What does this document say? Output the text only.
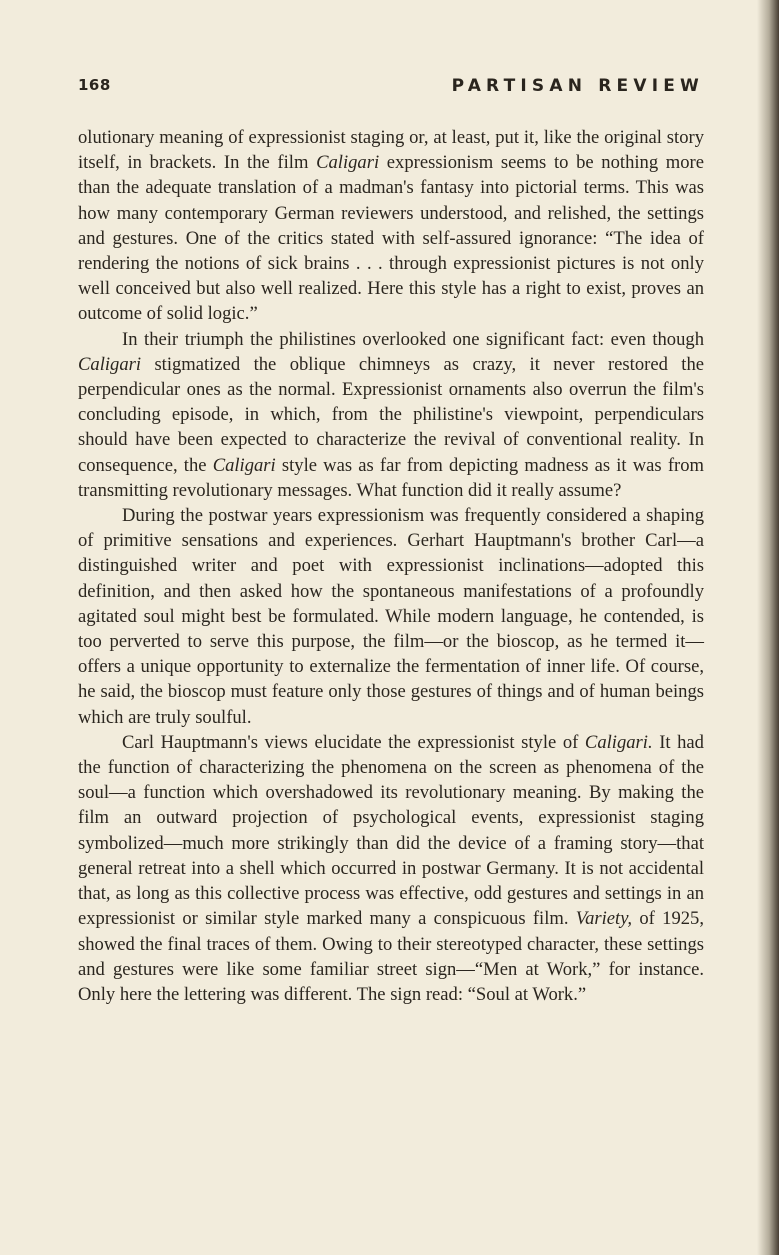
168	PARTISAN REVIEW

olutionary meaning of expressionist staging or, at least, put it, like the original story itself, in brackets. In the film Caligari expressionism seems to be nothing more than the adequate translation of a madman's fantasy into pictorial terms. This was how many contemporary German reviewers understood, and relished, the settings and gestures. One of the critics stated with self-assured ignorance: “The idea of rendering the notions of sick brains . . . through expressionist pictures is not only well conceived but also well realized. Here this style has a right to exist, proves an outcome of solid logic.”

In their triumph the philistines overlooked one significant fact: even though Caligari stigmatized the oblique chimneys as crazy, it never restored the perpendicular ones as the normal. Expressionist ornaments also overrun the film's concluding episode, in which, from the philistine's viewpoint, perpendiculars should have been expected to characterize the revival of conventional reality. In consequence, the Caligari style was as far from depicting madness as it was from transmitting revolutionary messages. What function did it really assume?

During the postwar years expressionism was frequently considered a shaping of primitive sensations and experiences. Gerhart Hauptmann's brother Carl—a distinguished writer and poet with expressionist inclinations—adopted this definition, and then asked how the spontaneous manifestations of a profoundly agitated soul might best be formulated. While modern language, he contended, is too perverted to serve this purpose, the film—or the bioscop, as he termed it—offers a unique opportunity to externalize the fermentation of inner life. Of course, he said, the bioscop must feature only those gestures of things and of human beings which are truly soulful.

Carl Hauptmann's views elucidate the expressionist style of Caligari. It had the function of characterizing the phenomena on the screen as phenomena of the soul—a function which overshadowed its revolutionary meaning. By making the film an outward projection of psychological events, expressionist staging symbolized—much more strikingly than did the device of a framing story—that general retreat into a shell which occurred in postwar Germany. It is not accidental that, as long as this collective process was effective, odd gestures and settings in an expressionist or similar style marked many a conspicuous film. Variety, of 1925, showed the final traces of them. Owing to their stereotyped character, these settings and gestures were like some familiar street sign—“Men at Work,” for instance. Only here the lettering was different. The sign read: “Soul at Work.”
